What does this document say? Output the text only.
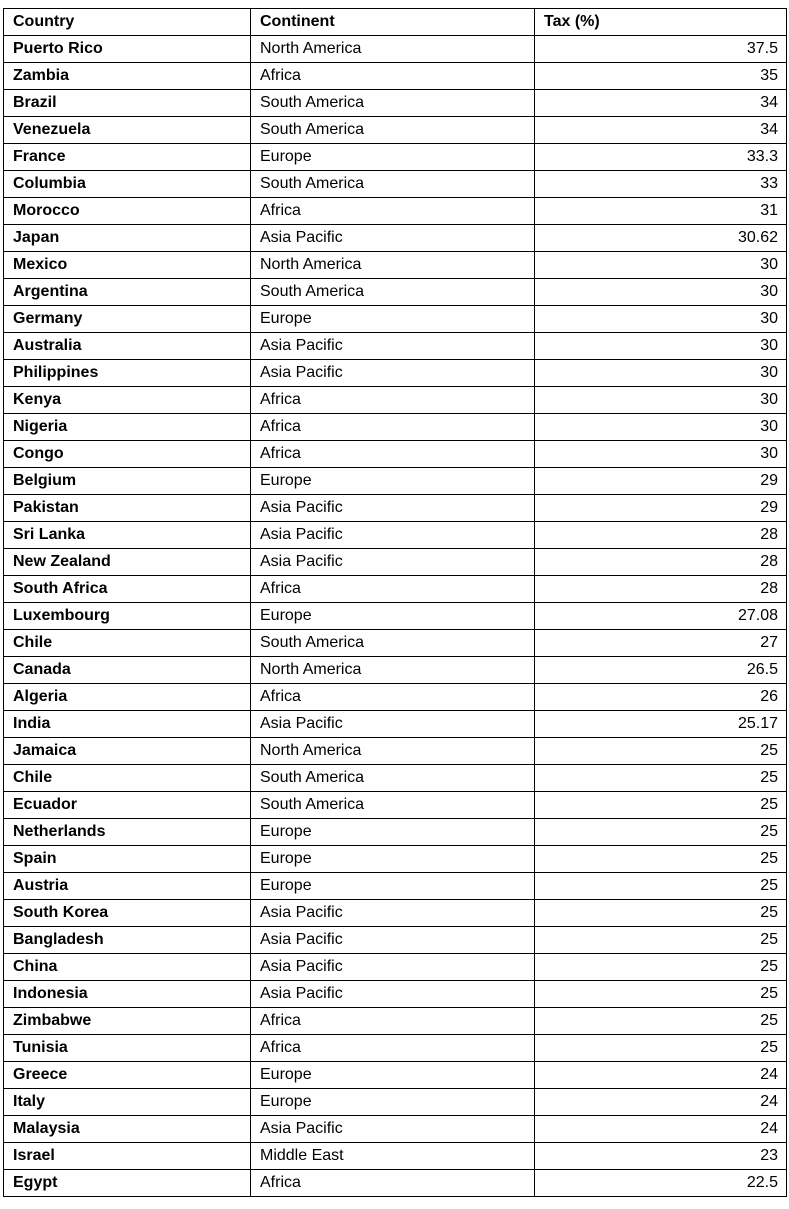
Country	Continent	Tax (%)
Puerto Rico	North America	37.5
Zambia	Africa	35
Brazil	South America	34
Venezuela	South America	34
France	Europe	33.3
Columbia	South America	33
Morocco	Africa	31
Japan	Asia Pacific	30.62
Mexico	North America	30
Argentina	South America	30
Germany	Europe	30
Australia	Asia Pacific	30
Philippines	Asia Pacific	30
Kenya	Africa	30
Nigeria	Africa	30
Congo	Africa	30
Belgium	Europe	29
Pakistan	Asia Pacific	29
Sri Lanka	Asia Pacific	28
New Zealand	Asia Pacific	28
South Africa	Africa	28
Luxembourg	Europe	27.08
Chile	South America	27
Canada	North America	26.5
Algeria	Africa	26
India	Asia Pacific	25.17
Jamaica	North America	25
Chile	South America	25
Ecuador	South America	25
Netherlands	Europe	25
Spain	Europe	25
Austria	Europe	25
South Korea	Asia Pacific	25
Bangladesh	Asia Pacific	25
China	Asia Pacific	25
Indonesia	Asia Pacific	25
Zimbabwe	Africa	25
Tunisia	Africa	25
Greece	Europe	24
Italy	Europe	24
Malaysia	Asia Pacific	24
Israel	Middle East	23
Egypt	Africa	22.5
